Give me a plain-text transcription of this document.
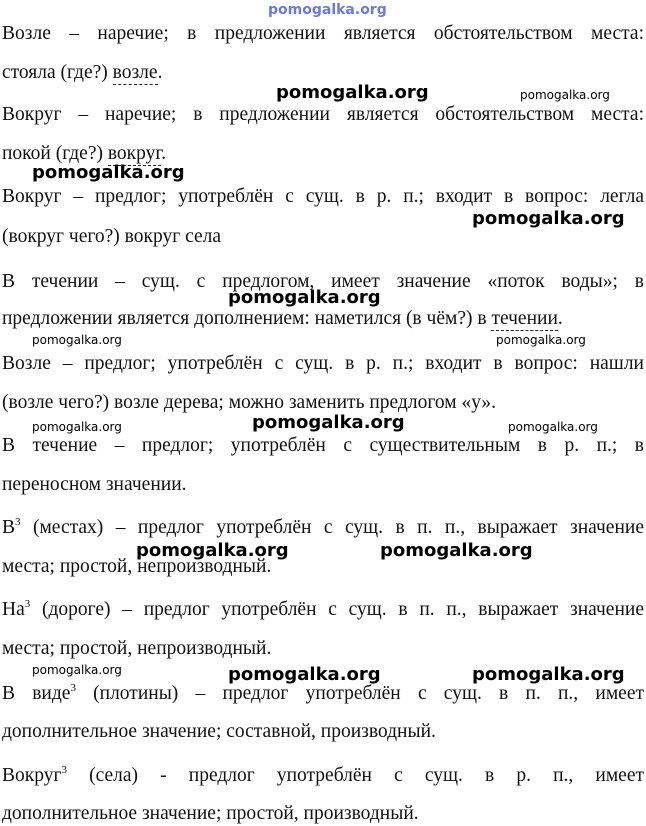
pomogalka.org
Возле – наречие; в предложении является обстоятельством места:
стояла (где?) возле.
Вокруг – наречие; в предложении является обстоятельством места:
покой (где?) вокруг.
Вокруг – предлог; употреблён с сущ. в р. п.; входит в вопрос: легла
(вокруг чего?) вокруг села
В течении – сущ. с предлогом, имеет значение «поток воды»; в
предложении является дополнением: наметился (в чём?) в течении.
Возле – предлог; употреблён с сущ. в р. п.; входит в вопрос: нашли
(возле чего?) возле дерева; можно заменить предлогом «у».
В течение – предлог; употреблён с существительным в р. п.; в
переносном значении.
$В^3$ (местах) – предлог употреблён с сущ. в п. п., выражает значение
места; простой, непроизводный.
$На^3$ (дороге) – предлог употреблён с сущ. в п. п., выражает значение
места; простой, непроизводный.
В виде$^3$ (плотины) – предлог употреблён с сущ. в п. п., имеет
дополнительное значение; составной, производный.
Вокруг$^3$ (села) - предлог употреблён с сущ. в р. п., имеет
дополнительное значение; простой, производный.
pomogalka.org	pomogalka.org
pomogalka.org
pomogalka.org
pomogalka.org
pomogalka.org	pomogalka.org
pomogalka.org	pomogalka.org	pomogalka.org
pomogalka.org	pomogalka.org
pomogalka.org	pomogalka.org	pomogalka.org
